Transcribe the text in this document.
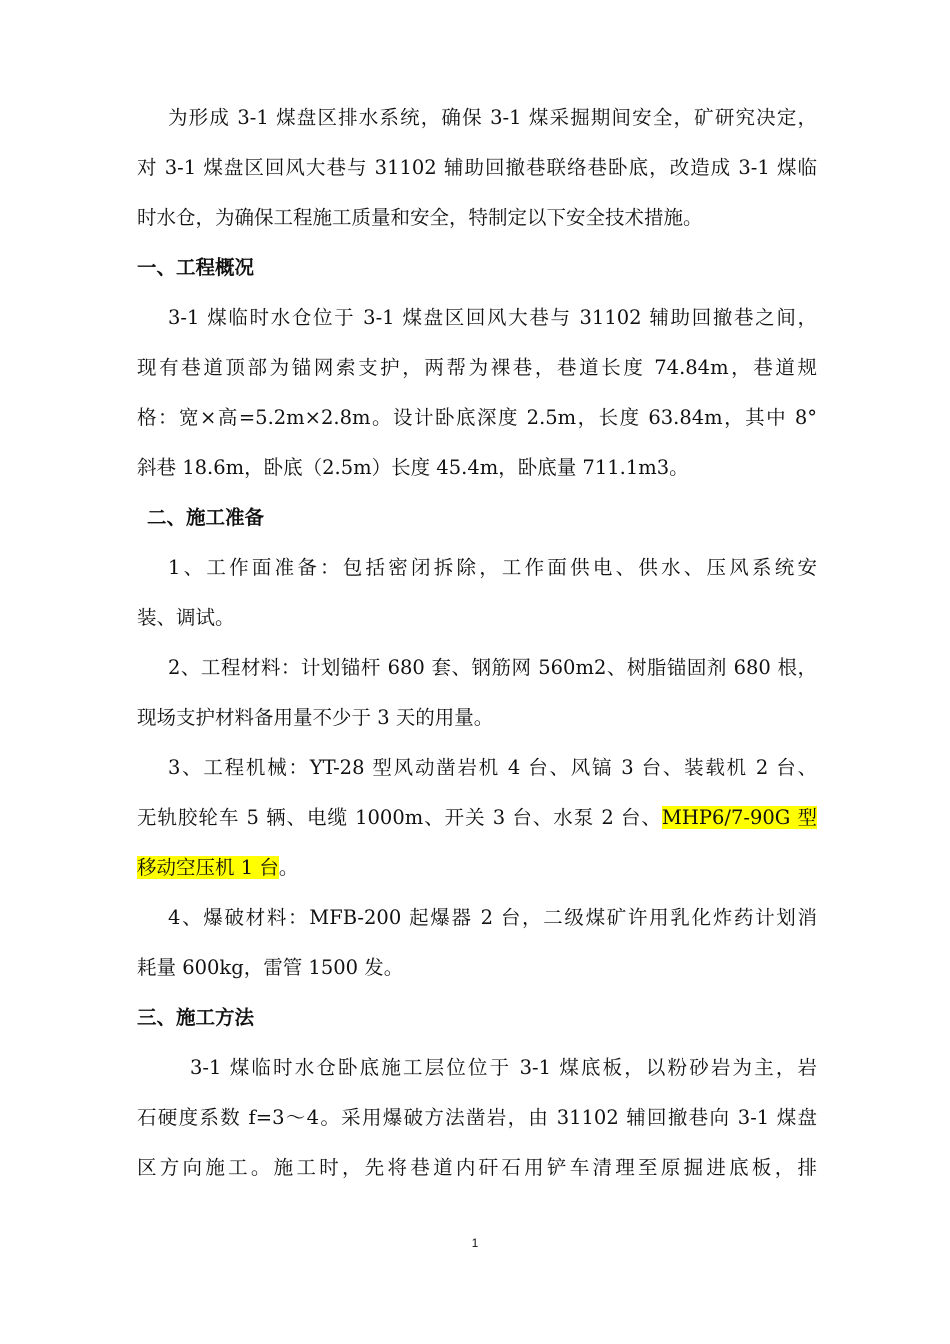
为形成 3-1 煤盘区排水系统，确保 3-1 煤采掘期间安全，矿研究决定，
对 3-1 煤盘区回风大巷与 31102 辅助回撤巷联络巷卧底，改造成 3-1 煤临
时水仓，为确保工程施工质量和安全，特制定以下安全技术措施。
一、工程概况
3-1 煤临时水仓位于 3-1 煤盘区回风大巷与 31102 辅助回撤巷之间，
现有巷道顶部为锚网索支护，两帮为裸巷，巷道长度 74.84m，巷道规
格：宽×高=5.2m×2.8m。设计卧底深度 2.5m，长度 63.84m，其中 8°
斜巷 18.6m，卧底（2.5m）长度 45.4m，卧底量 711.1m3。
二、施工准备
1、工作面准备：包括密闭拆除，工作面供电、供水、压风系统安
装、调试。
2、工程材料：计划锚杆 680 套、钢筋网 560m2、树脂锚固剂 680 根，
现场支护材料备用量不少于 3 天的用量。
3、工程机械：YT-28 型风动凿岩机 4 台、风镐 3 台、装载机 2 台、
无轨胶轮车 5 辆、电缆 1000m、开关 3 台、水泵 2 台、MHP6/7-90G 型
移动空压机 1 台。
4、爆破材料：MFB-200 起爆器 2 台，二级煤矿许用乳化炸药计划消
耗量 600kg，雷管 1500 发。
三、施工方法
3-1 煤临时水仓卧底施工层位位于 3-1 煤底板，以粉砂岩为主，岩
石硬度系数 f=3～4。采用爆破方法凿岩，由 31102 辅回撤巷向 3-1 煤盘
区方向施工。施工时，先将巷道内矸石用铲车清理至原掘进底板，排
1
